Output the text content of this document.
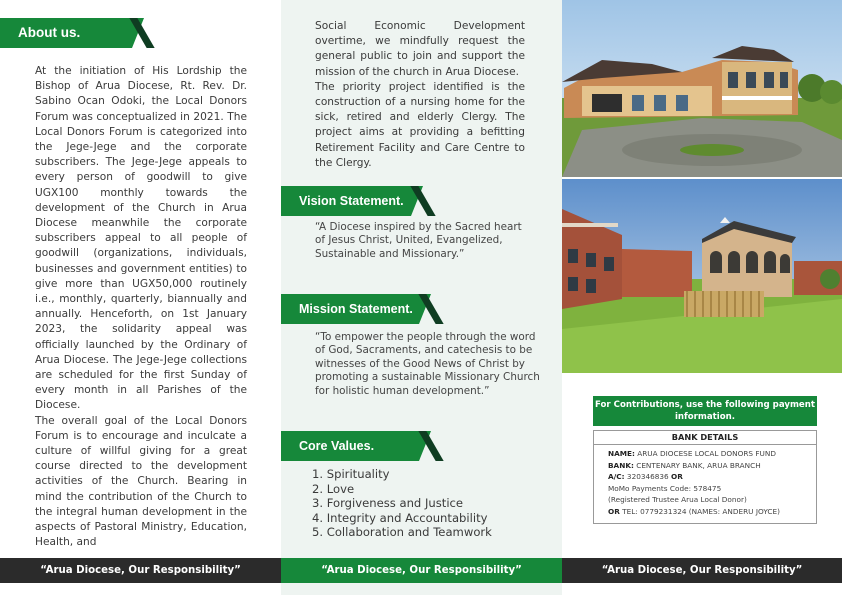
About us.

At the initiation of His Lordship the Bishop of Arua Diocese, Rt. Rev. Dr. Sabino Ocan Odoki, the Local Donors Forum was conceptualized in 2021. The Local Donors Forum is categorized into the Jege-Jege and the corporate subscribers. The Jege-Jege appeals to every person of goodwill to give UGX100 monthly towards the development of the Church in Arua Diocese meanwhile the corporate subscribers appeal to all people of goodwill (organizations, individuals, businesses and government entities) to give more than UGX50,000 routinely i.e., monthly, quarterly, biannually and annually. Henceforth, on 1st January 2023, the solidarity appeal was officially launched by the Ordinary of Arua Diocese. The Jege-Jege collections are scheduled for the first Sunday of every month in all Parishes of the Diocese.

The overall goal of the Local Donors Forum is to encourage and inculcate a culture of willful giving for a great course directed to the development activities of the Church. Bearing in mind the contribution of the Church to the integral human development in the aspects of Pastoral Ministry, Education, Health, and

Social Economic Development overtime, we mindfully request the general public to join and support the mission of the church in Arua Diocese.

The priority project identified is the construction of a nursing home for the sick, retired and elderly Clergy. The project aims at providing a befitting Retirement Facility and Care Centre to the Clergy.

Vision Statement.
“A Diocese inspired by the Sacred heart of Jesus Christ, United, Evangelized, Sustainable and Missionary.”
Mission Statement.
“To empower the people through the word of God, Sacraments, and catechesis to be witnesses of the Good News of Christ by promoting a sustainable Missionary Church for holistic human development.”
Core Values.
1. Spirituality
2. Love
3. Forgiveness and Justice
4. Integrity and Accountability
5. Collaboration and Teamwork
For Contributions, use the following payment information.
BANK DETAILS
NAME: ARUA DIOCESE LOCAL DONORS FUND
BANK: CENTENARY BANK, ARUA BRANCH
A/C: 320346836 OR
MoMo Payments Code: 578475
(Registered Trustee Arua Local Donor)
OR TEL: 0779231324 (NAMES: ANDERU JOYCE)
“Arua Diocese, Our Responsibility”	“Arua Diocese, Our Responsibility”	“Arua Diocese, Our Responsibility”
